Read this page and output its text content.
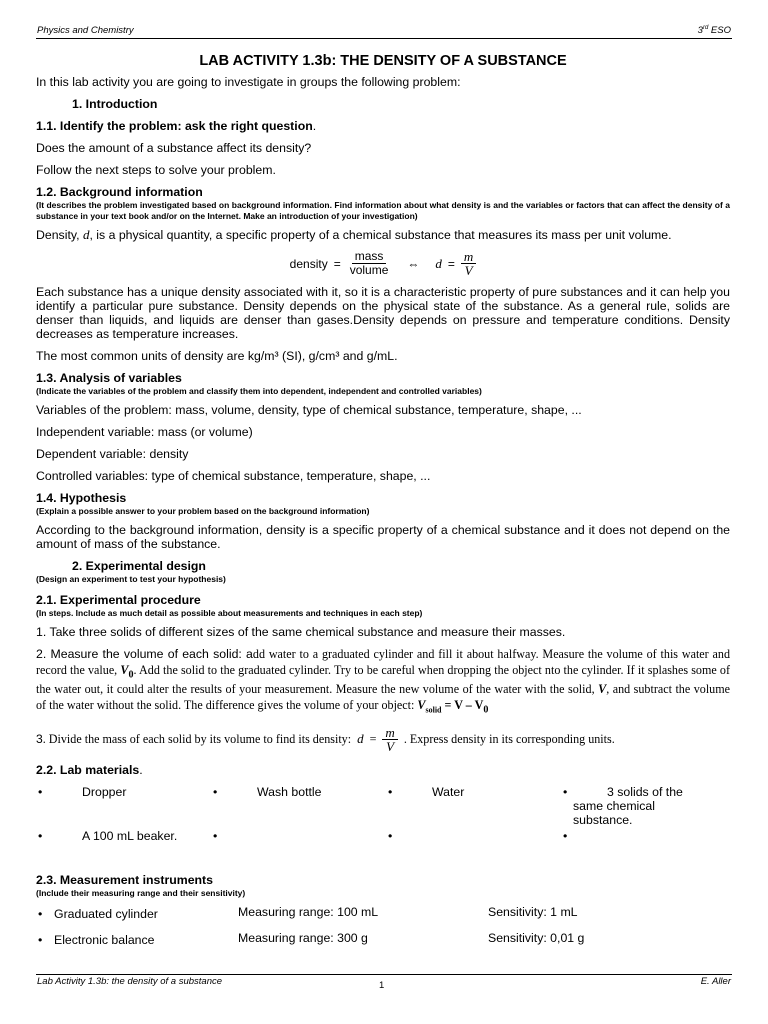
Physics and Chemistry	3rd ESO
LAB ACTIVITY 1.3b: THE DENSITY OF A SUBSTANCE

In this lab activity you are going to investigate in groups the following problem:

1. Introduction
1.1. Identify the problem: ask the right question.

Does the amount of a substance affect its density?

Follow the next steps to solve your problem.

1.2. Background information
(It describes the problem investigated based on background information. Find information about what density is and the variables or factors that can affect the density of a substance in your text book and/or on the Internet. Make an introduction of your investigation)

Density, d, is a physical quantity, a specific property of a chemical substance that measures its mass per unit volume.

density = $\frac{\text{mass}}{\text{volume}}$ ⇔ $d = \frac{m}{V}$

Each substance has a unique density associated with it, so it is a characteristic property of pure substances and it can help you identify a particular pure substance. Density depends on the physical state of the substance. As a general rule, solids are denser than liquids, and liquids are denser than gases.Density depends on pressure and temperature conditions. Density decreases as temperature increases.

The most common units of density are kg/m³ (SI), g/cm³ and g/mL.

1.3. Analysis of variables
(Indicate the variables of the problem and classify them into dependent, independent and controlled variables)

Variables of the problem: mass, volume, density, type of chemical substance, temperature, shape, ...

Independent variable: mass (or volume)

Dependent variable: density

Controlled variables: type of chemical substance, temperature, shape, ...

1.4. Hypothesis
(Explain a possible answer to your problem based on the background information)

According to the background information, density is a specific property of a chemical substance and it does not depend on the amount of mass of the substance.

2. Experimental design
(Design an experiment to test your hypothesis)
2.1. Experimental procedure
(In steps. Include as much detail as possible about measurements and techniques in each step)

1. Take three solids of different sizes of the same chemical substance and measure their masses.

2. Measure the volume of each solid: add water to a graduated cylinder and fill it about halfway. Measure the volume of this water and record the value, $V_0$. Add the solid to the graduated cylinder. Try to be careful when dropping the object nto the cylinder. If it splashes some of the water out, it could alter the results of your measurement. Measure the new volume of the water with the solid, V, and subtract the volume of the water without the solid. The difference gives the volume of your object: $V_{solid} = V - V_0$

3. Divide the mass of each solid by its volume to find its density: $d = \frac{m}{V}$ . Express density in its corresponding units.
2.2. Lab materials.
•	Dropper	•	Wash bottle	•	Water	•	3 solids of the same chemical substance.
•	A 100 mL beaker.	•	•	•
2.3. Measurement instruments
(Include their measuring range and their sensitivity)
• Graduated cylinder	Measuring range: 100 mL	Sensitivity: 1 mL
• Electronic balance	Measuring range: 300 g	Sensitivity: 0,01 g
Lab Activity 1.3b: the density of a substance	1	E. Aller
